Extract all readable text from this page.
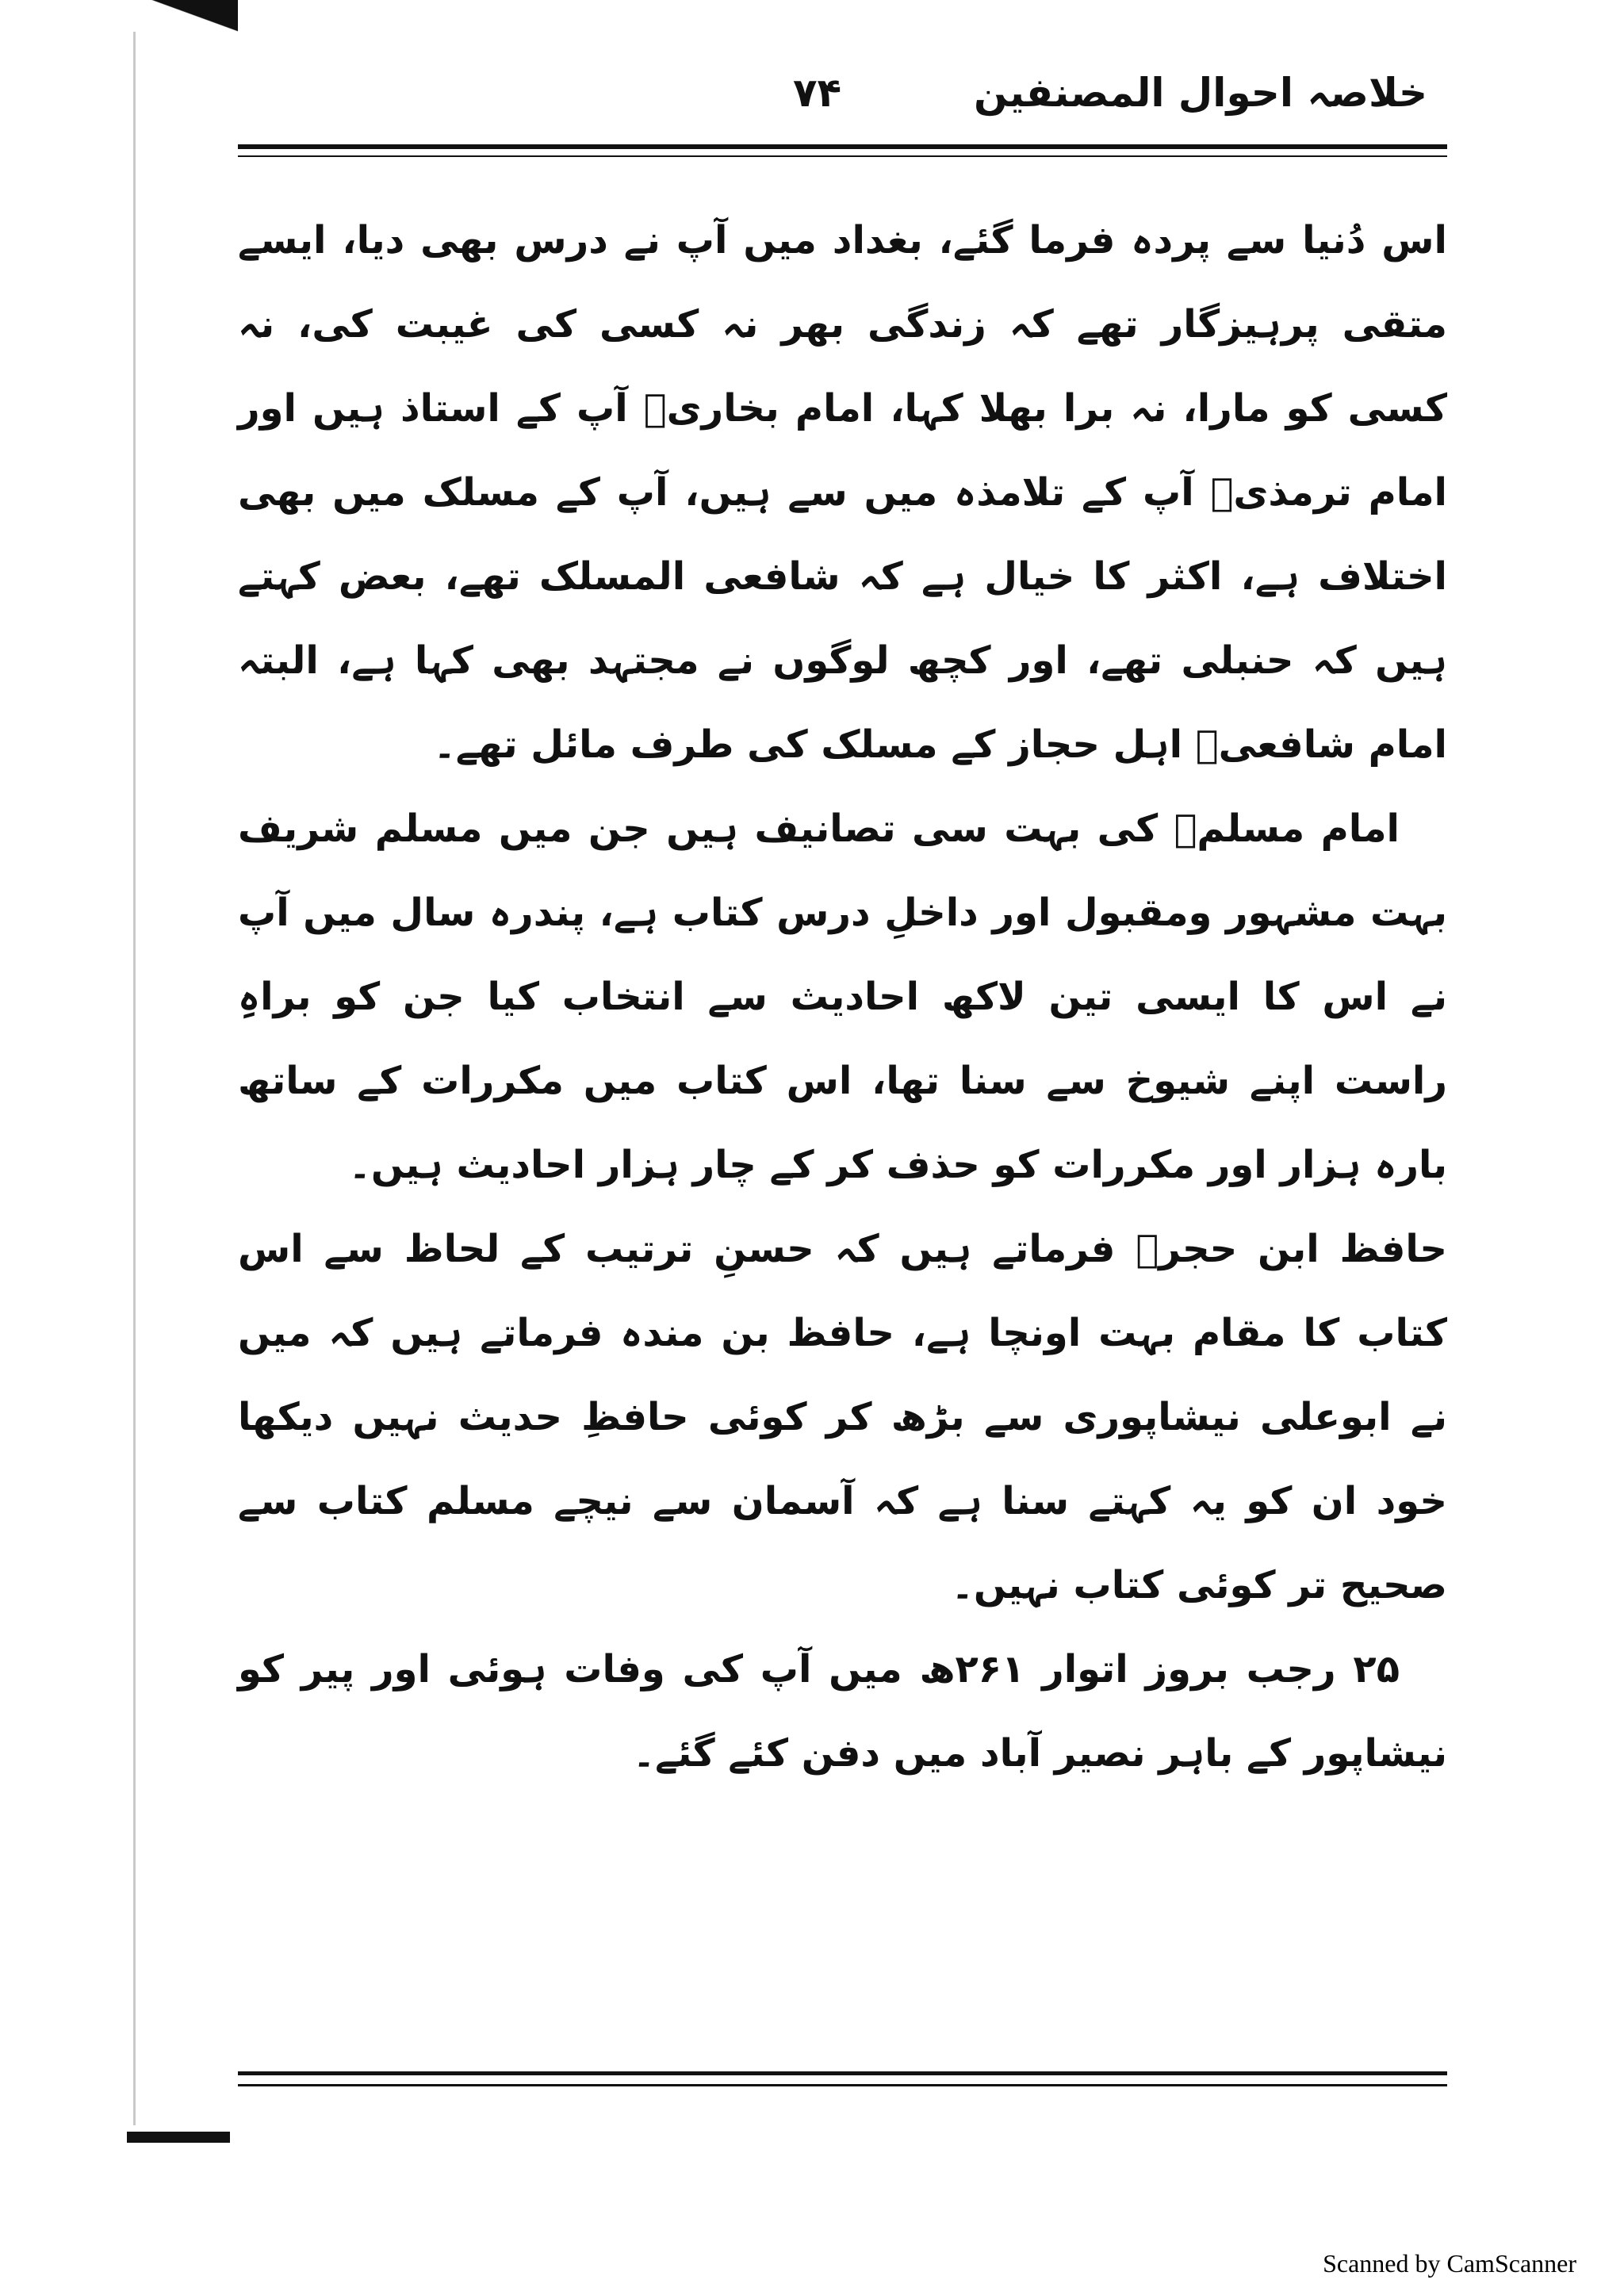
۷۴	خلاصہ احوال المصنفین

اس دُنیا سے پردہ فرما گئے، بغداد میں آپ نے درس بھی دیا، ایسے متقی پرہیزگار تھے کہ زندگی بھر نہ کسی کی غیبت کی، نہ کسی کو مارا، نہ برا بھلا کہا، امام بخاریؒ آپ کے استاذ ہیں اور امام ترمذیؒ آپ کے تلامذہ میں سے ہیں، آپ کے مسلک میں بھی اختلاف ہے، اکثر کا خیال ہے کہ شافعی المسلک تھے، بعض کہتے ہیں کہ حنبلی تھے، اور کچھ لوگوں نے مجتہد بھی کہا ہے، البتہ امام شافعیؒ اہل حجاز کے مسلک کی طرف مائل تھے۔

امام مسلمؒ کی بہت سی تصانیف ہیں جن میں مسلم شریف بہت مشہور ومقبول اور داخلِ درس کتاب ہے، پندرہ سال میں آپ نے اس کا ایسی تین لاکھ احادیث سے انتخاب کیا جن کو براہِ راست اپنے شیوخ سے سنا تھا، اس کتاب میں مکررات کے ساتھ بارہ ہزار اور مکررات کو حذف کر کے چار ہزار احادیث ہیں۔

حافظ ابن حجرؒ فرماتے ہیں کہ حسنِ ترتیب کے لحاظ سے اس کتاب کا مقام بہت اونچا ہے، حافظ بن مندہ فرماتے ہیں کہ میں نے ابوعلی نیشاپوری سے بڑھ کر کوئی حافظِ حدیث نہیں دیکھا خود ان کو یہ کہتے سنا ہے کہ آسمان سے نیچے مسلم کتاب سے صحیح تر کوئی کتاب نہیں۔

۲۵ رجب بروز اتوار ۲۶۱ھ میں آپ کی وفات ہوئی اور پیر کو نیشاپور کے باہر نصیر آباد میں دفن کئے گئے۔

Scanned by CamScanner
